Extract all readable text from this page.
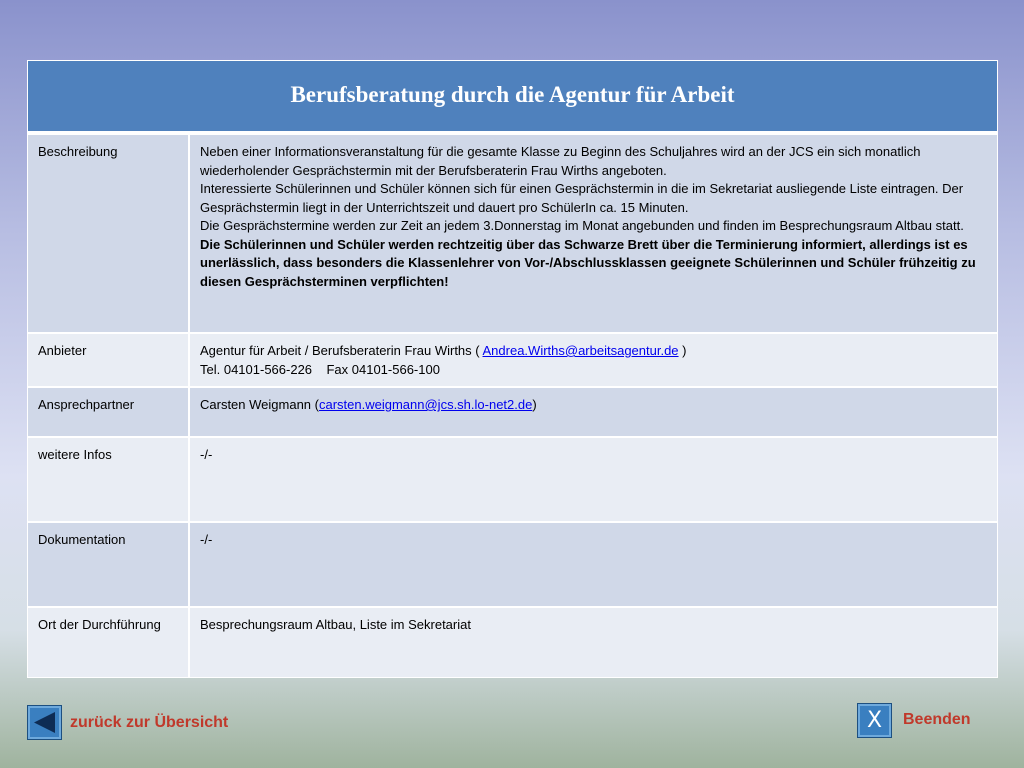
Berufsberatung durch die Agentur für Arbeit
Beschreibung	Neben einer Informationsveranstaltung für die gesamte Klasse zu Beginn des Schuljahres wird an der JCS ein sich monatlich wiederholender Gesprächstermin mit der Berufsberaterin Frau Wirths angeboten.

Interessierte Schülerinnen und Schüler können sich für einen Gesprächstermin in die im Sekretariat ausliegende Liste eintragen. Der Gesprächstermin liegt in der Unterrichtszeit und dauert pro SchülerIn ca. 15 Minuten.

Die Gesprächstermine werden zur Zeit an jedem 3.Donnerstag im Monat angebunden und finden im Besprechungsraum Altbau statt.

Die Schülerinnen und Schüler werden rechtzeitig über das Schwarze Brett über die Terminierung informiert, allerdings ist es unerlässlich, dass besonders die Klassenlehrer von Vor-/Abschlussklassen geeignete Schülerinnen und Schüler frühzeitig zu diesen Gesprächsterminen verpflichten!

Anbieter	Agentur für Arbeit / Berufsberaterin Frau Wirths ( Andrea.Wirths@arbeitsagentur.de )

Tel. 04101-566-226    Fax 04101-566-100

Ansprechpartner	Carsten Weigmann (carsten.weigmann@jcs.sh.lo-net2.de)

weitere Infos	-/-
Dokumentation	-/-
Ort der Durchführung	Besprechungsraum Altbau, Liste im Sekretariat
zurück zur Übersicht	X Beenden
